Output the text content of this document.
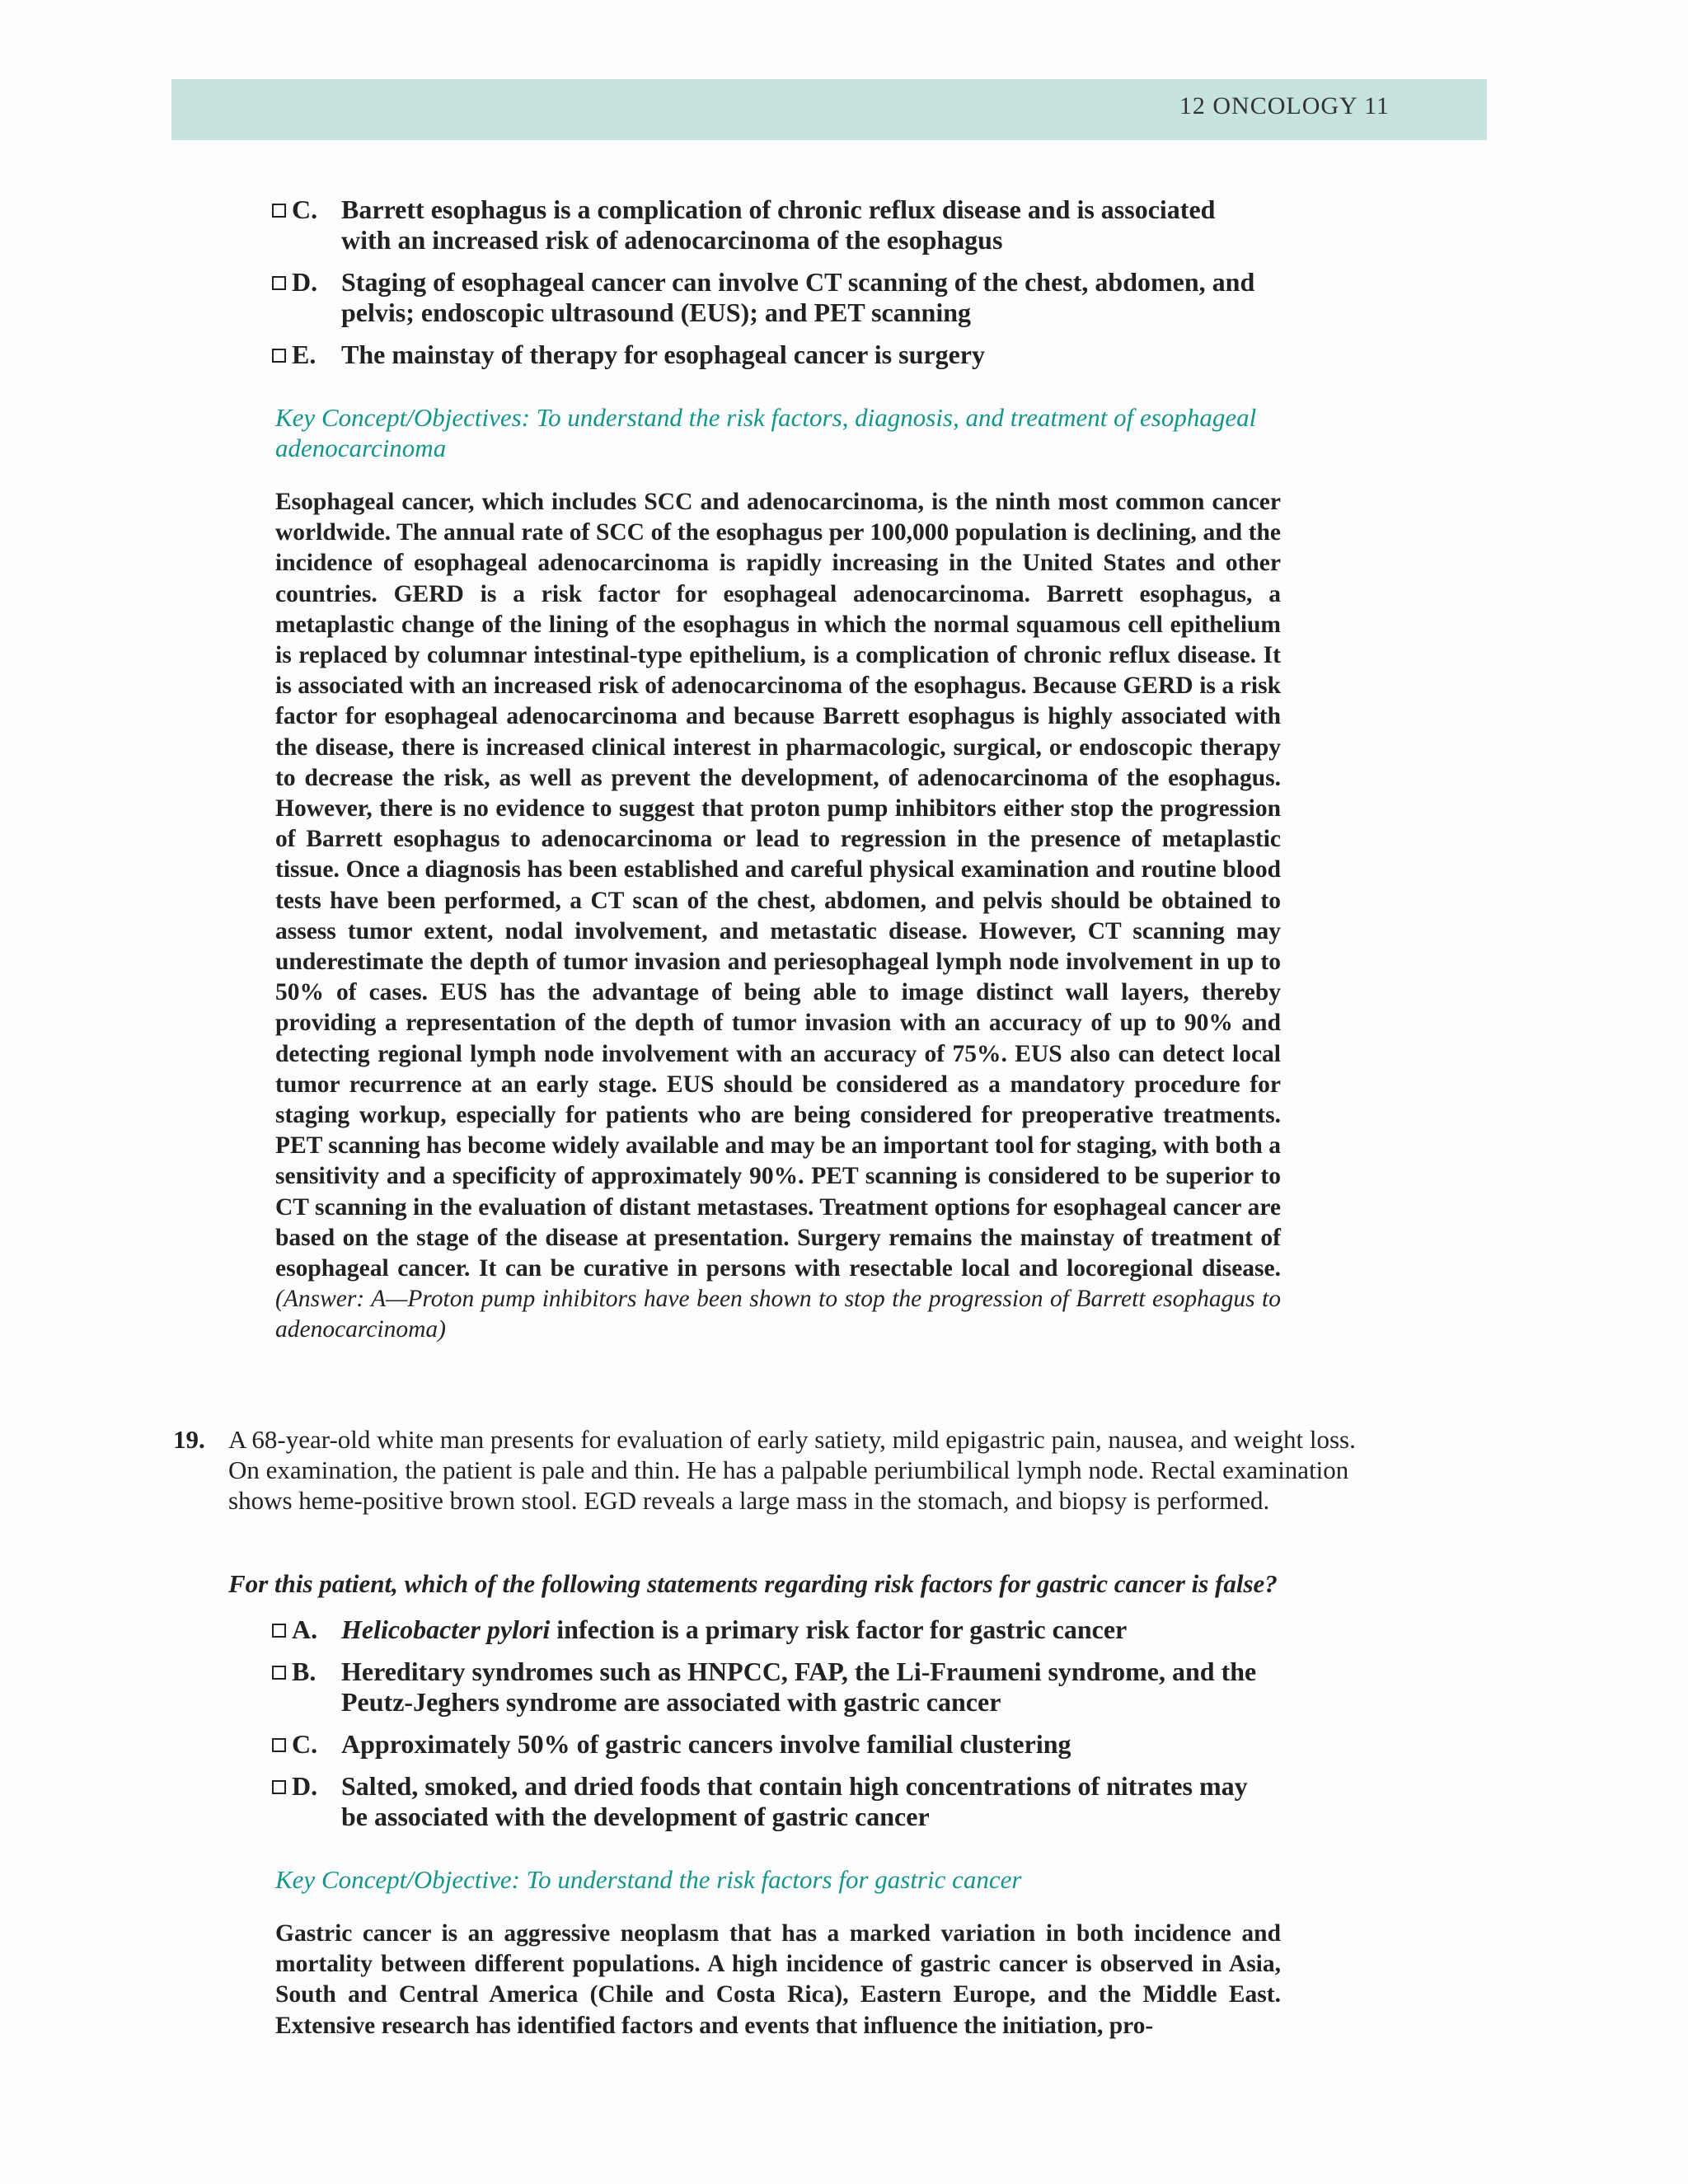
12 ONCOLOGY 11
C. Barrett esophagus is a complication of chronic reflux disease and is associated with an increased risk of adenocarcinoma of the esophagus
D. Staging of esophageal cancer can involve CT scanning of the chest, abdomen, and pelvis; endoscopic ultrasound (EUS); and PET scanning
E. The mainstay of therapy for esophageal cancer is surgery
Key Concept/Objectives: To understand the risk factors, diagnosis, and treatment of esophageal adenocarcinoma
Esophageal cancer, which includes SCC and adenocarcinoma, is the ninth most common cancer worldwide. The annual rate of SCC of the esophagus per 100,000 population is declining, and the incidence of esophageal adenocarcinoma is rapidly increasing in the United States and other countries. GERD is a risk factor for esophageal adenocarcinoma. Barrett esophagus, a metaplastic change of the lining of the esophagus in which the normal squamous cell epithelium is replaced by columnar intestinal-type epithelium, is a complication of chronic reflux disease. It is associated with an increased risk of adenocarcinoma of the esophagus. Because GERD is a risk factor for esophageal adenocarcinoma and because Barrett esophagus is highly associated with the disease, there is increased clinical interest in pharmacologic, surgical, or endoscopic therapy to decrease the risk, as well as prevent the development, of adenocarcinoma of the esophagus. However, there is no evidence to suggest that proton pump inhibitors either stop the progression of Barrett esophagus to adenocarcinoma or lead to regression in the presence of metaplastic tissue. Once a diagnosis has been established and careful physical examination and routine blood tests have been performed, a CT scan of the chest, abdomen, and pelvis should be obtained to assess tumor extent, nodal involvement, and metastatic disease. However, CT scanning may underestimate the depth of tumor invasion and periesophageal lymph node involvement in up to 50% of cases. EUS has the advantage of being able to image distinct wall layers, thereby providing a representation of the depth of tumor invasion with an accuracy of up to 90% and detecting regional lymph node involvement with an accuracy of 75%. EUS also can detect local tumor recurrence at an early stage. EUS should be considered as a mandatory procedure for staging workup, especially for patients who are being considered for preoperative treatments. PET scanning has become widely available and may be an important tool for staging, with both a sensitivity and a specificity of approximately 90%. PET scanning is considered to be superior to CT scanning in the evaluation of distant metastases. Treatment options for esophageal cancer are based on the stage of the disease at presentation. Surgery remains the mainstay of treatment of esophageal cancer. It can be curative in persons with resectable local and locoregional disease. (Answer: A—Proton pump inhibitors have been shown to stop the progression of Barrett esophagus to adenocarcinoma)
19. A 68-year-old white man presents for evaluation of early satiety, mild epigastric pain, nausea, and weight loss. On examination, the patient is pale and thin. He has a palpable periumbilical lymph node. Rectal examination shows heme-positive brown stool. EGD reveals a large mass in the stomach, and biopsy is performed.
For this patient, which of the following statements regarding risk factors for gastric cancer is false?
A. Helicobacter pylori infection is a primary risk factor for gastric cancer
B. Hereditary syndromes such as HNPCC, FAP, the Li-Fraumeni syndrome, and the Peutz-Jeghers syndrome are associated with gastric cancer
C. Approximately 50% of gastric cancers involve familial clustering
D. Salted, smoked, and dried foods that contain high concentrations of nitrates may be associated with the development of gastric cancer
Key Concept/Objective: To understand the risk factors for gastric cancer
Gastric cancer is an aggressive neoplasm that has a marked variation in both incidence and mortality between different populations. A high incidence of gastric cancer is observed in Asia, South and Central America (Chile and Costa Rica), Eastern Europe, and the Middle East. Extensive research has identified factors and events that influence the initiation, pro-
